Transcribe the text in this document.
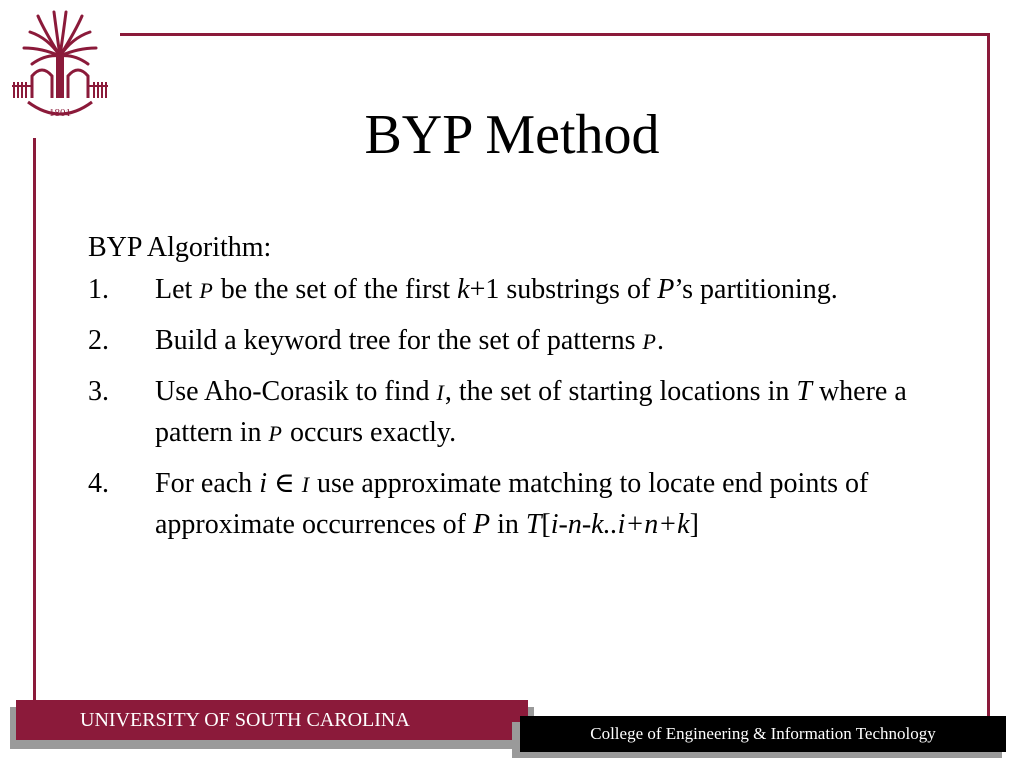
1801	BYP Method
BYP Algorithm:
1. Let P be the set of the first k+1 substrings of P’s partitioning.
2. Build a keyword tree for the set of patterns P.
3. Use Aho-Corasik to find I, the set of starting locations in T where a pattern in P occurs exactly.
4. For each i ∈ I use approximate matching to locate end points of approximate occurrences of P in T[i-n-k..i+n+k]
UNIVERSITY OF SOUTH CAROLINA
College of Engineering & Information Technology
